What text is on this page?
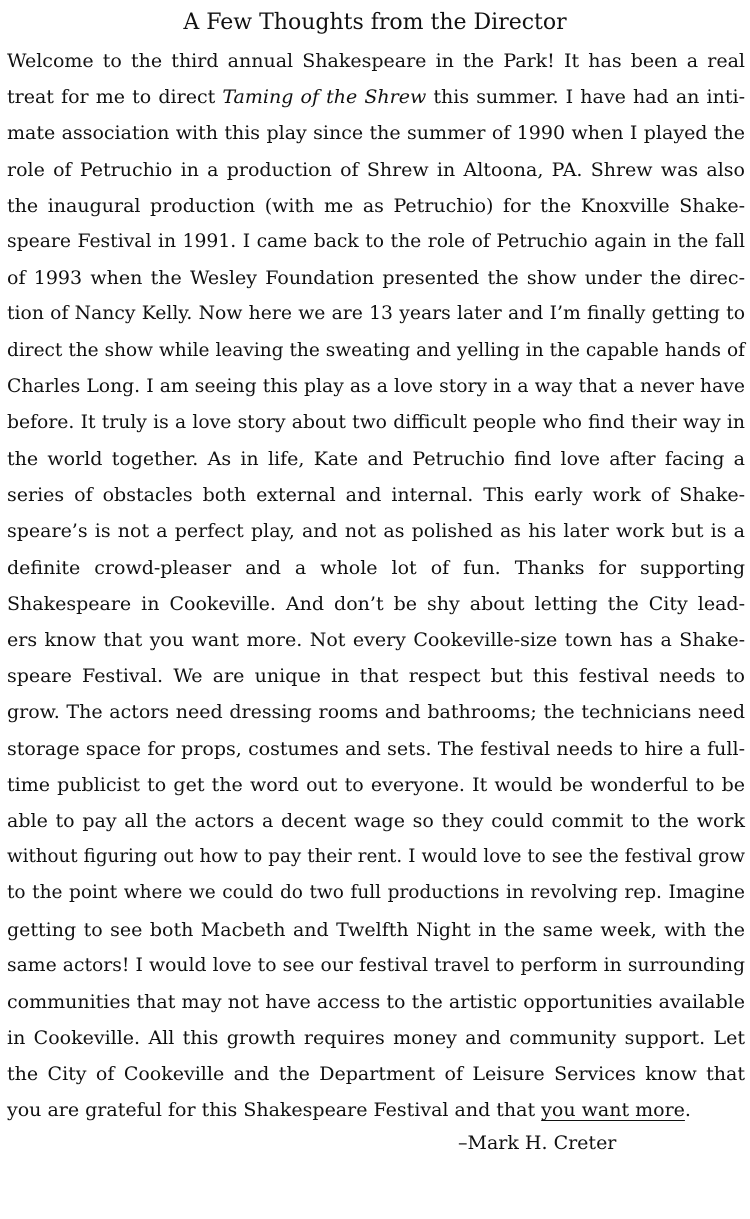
A Few Thoughts from the Director
Welcome to the third annual Shakespeare in the Park! It has been a real
treat for me to direct Taming of the Shrew this summer. I have had an inti-
mate association with this play since the summer of 1990 when I played the
role of Petruchio in a production of Shrew in Altoona, PA. Shrew was also
the inaugural production (with me as Petruchio) for the Knoxville Shake-
speare Festival in 1991. I came back to the role of Petruchio again in the fall
of 1993 when the Wesley Foundation presented the show under the direc-
tion of Nancy Kelly. Now here we are 13 years later and I’m finally getting to
direct the show while leaving the sweating and yelling in the capable hands of
Charles Long. I am seeing this play as a love story in a way that a never have
before. It truly is a love story about two difficult people who find their way in
the world together. As in life, Kate and Petruchio find love after facing a
series of obstacles both external and internal. This early work of Shake-
speare’s is not a perfect play, and not as polished as his later work but is a
definite crowd-pleaser and a whole lot of fun. Thanks for supporting
Shakespeare in Cookeville. And don’t be shy about letting the City lead-
ers know that you want more. Not every Cookeville-size town has a Shake-
speare Festival. We are unique in that respect but this festival needs to
grow. The actors need dressing rooms and bathrooms; the technicians need
storage space for props, costumes and sets. The festival needs to hire a full-
time publicist to get the word out to everyone. It would be wonderful to be
able to pay all the actors a decent wage so they could commit to the work
without figuring out how to pay their rent. I would love to see the festival grow
to the point where we could do two full productions in revolving rep. Imagine
getting to see both Macbeth and Twelfth Night in the same week, with the
same actors! I would love to see our festival travel to perform in surrounding
communities that may not have access to the artistic opportunities available
in Cookeville. All this growth requires money and community support. Let
the City of Cookeville and the Department of Leisure Services know that
you are grateful for this Shakespeare Festival and that you want more.
–Mark H. Creter
